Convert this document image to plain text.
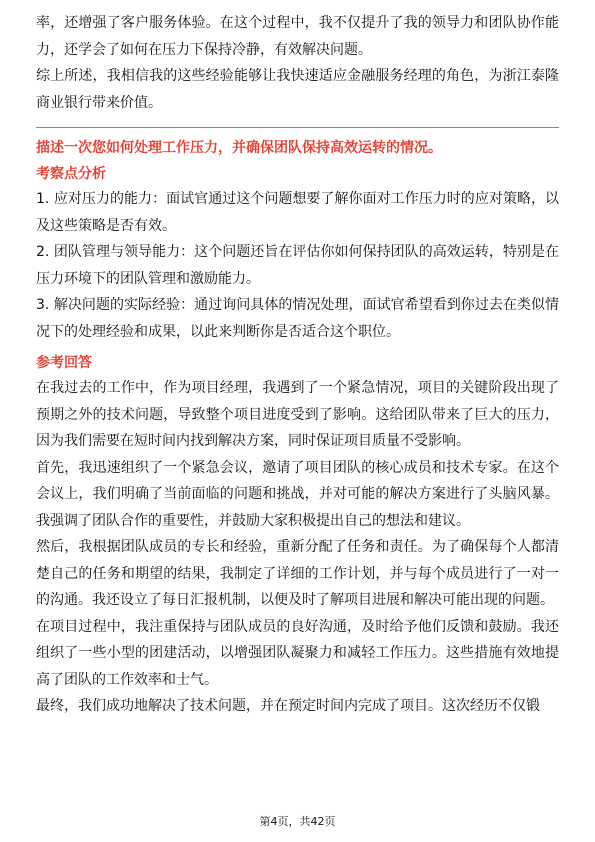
率，还增强了客户服务体验。在这个过程中，我不仅提升了我的领导力和团队协作能力，还学会了如何在压力下保持冷静，有效解决问题。

综上所述，我相信我的这些经验能够让我快速适应金融服务经理的角色，为浙江泰隆商业银行带来价值。

描述一次您如何处理工作压力，并确保团队保持高效运转的情况。

考察点分析

1. 应对压力的能力：面试官通过这个问题想要了解你面对工作压力时的应对策略，以及这些策略是否有效。

2. 团队管理与领导能力：这个问题还旨在评估你如何保持团队的高效运转，特别是在压力环境下的团队管理和激励能力。

3. 解决问题的实际经验：通过询问具体的情况处理，面试官希望看到你过去在类似情况下的处理经验和成果，以此来判断你是否适合这个职位。

参考回答

在我过去的工作中，作为项目经理，我遇到了一个紧急情况，项目的关键阶段出现了预期之外的技术问题，导致整个项目进度受到了影响。这给团队带来了巨大的压力，因为我们需要在短时间内找到解决方案，同时保证项目质量不受影响。

首先，我迅速组织了一个紧急会议，邀请了项目团队的核心成员和技术专家。在这个会议上，我们明确了当前面临的问题和挑战，并对可能的解决方案进行了头脑风暴。我强调了团队合作的重要性，并鼓励大家积极提出自己的想法和建议。

然后，我根据团队成员的专长和经验，重新分配了任务和责任。为了确保每个人都清楚自己的任务和期望的结果，我制定了详细的工作计划，并与每个成员进行了一对一的沟通。我还设立了每日汇报机制，以便及时了解项目进展和解决可能出现的问题。

在项目过程中，我注重保持与团队成员的良好沟通，及时给予他们反馈和鼓励。我还组织了一些小型的团建活动，以增强团队凝聚力和减轻工作压力。这些措施有效地提高了团队的工作效率和士气。

最终，我们成功地解决了技术问题，并在预定时间内完成了项目。这次经历不仅锻

第4页，共42页
